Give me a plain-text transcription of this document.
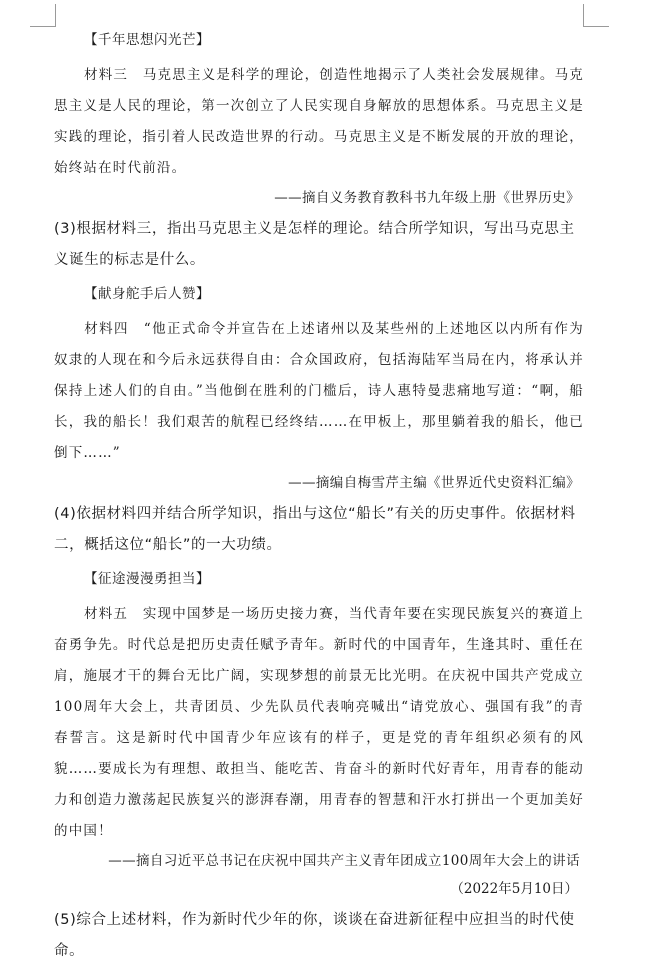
【千年思想闪光芒】
材料三　马克思主义是科学的理论，创造性地揭示了人类社会发展规律。马克思主义是人民的理论，第一次创立了人民实现自身解放的思想体系。马克思主义是实践的理论，指引着人民改造世界的行动。马克思主义是不断发展的开放的理论，始终站在时代前沿。
——摘自义务教育教科书九年级上册《世界历史》
(3)根据材料三，指出马克思主义是怎样的理论。结合所学知识，写出马克思主义诞生的标志是什么。
【献身舵手后人赞】
材料四　“他正式命令并宣告在上述诸州以及某些州的上述地区以内所有作为奴隶的人现在和今后永远获得自由：合众国政府，包括海陆军当局在内，将承认并保持上述人们的自由。”当他倒在胜利的门槛后，诗人惠特曼悲痛地写道：“啊，船长，我的船长！我们艰苦的航程已经终结……在甲板上，那里躺着我的船长，他已倒下……”
——摘编自梅雪芹主编《世界近代史资料汇编》
(4)依据材料四并结合所学知识，指出与这位“船长”有关的历史事件。依据材料二，概括这位“船长”的一大功绩。
【征途漫漫勇担当】
材料五　实现中国梦是一场历史接力赛，当代青年要在实现民族复兴的赛道上奋勇争先。时代总是把历史责任赋予青年。新时代的中国青年，生逢其时、重任在肩，施展才干的舞台无比广阔，实现梦想的前景无比光明。在庆祝中国共产党成立100周年大会上，共青团员、少先队员代表响亮喊出“请党放心、强国有我”的青春誓言。这是新时代中国青少年应该有的样子，更是党的青年组织必须有的风貌……要成长为有理想、敢担当、能吃苦、肯奋斗的新时代好青年，用青春的能动力和创造力激荡起民族复兴的澎湃春潮，用青春的智慧和汗水打拼出一个更加美好的中国！
——摘自习近平总书记在庆祝中国共产主义青年团成立100周年大会上的讲话
（2022年5月10日）
(5)综合上述材料，作为新时代少年的你，谈谈在奋进新征程中应担当的时代使命。
